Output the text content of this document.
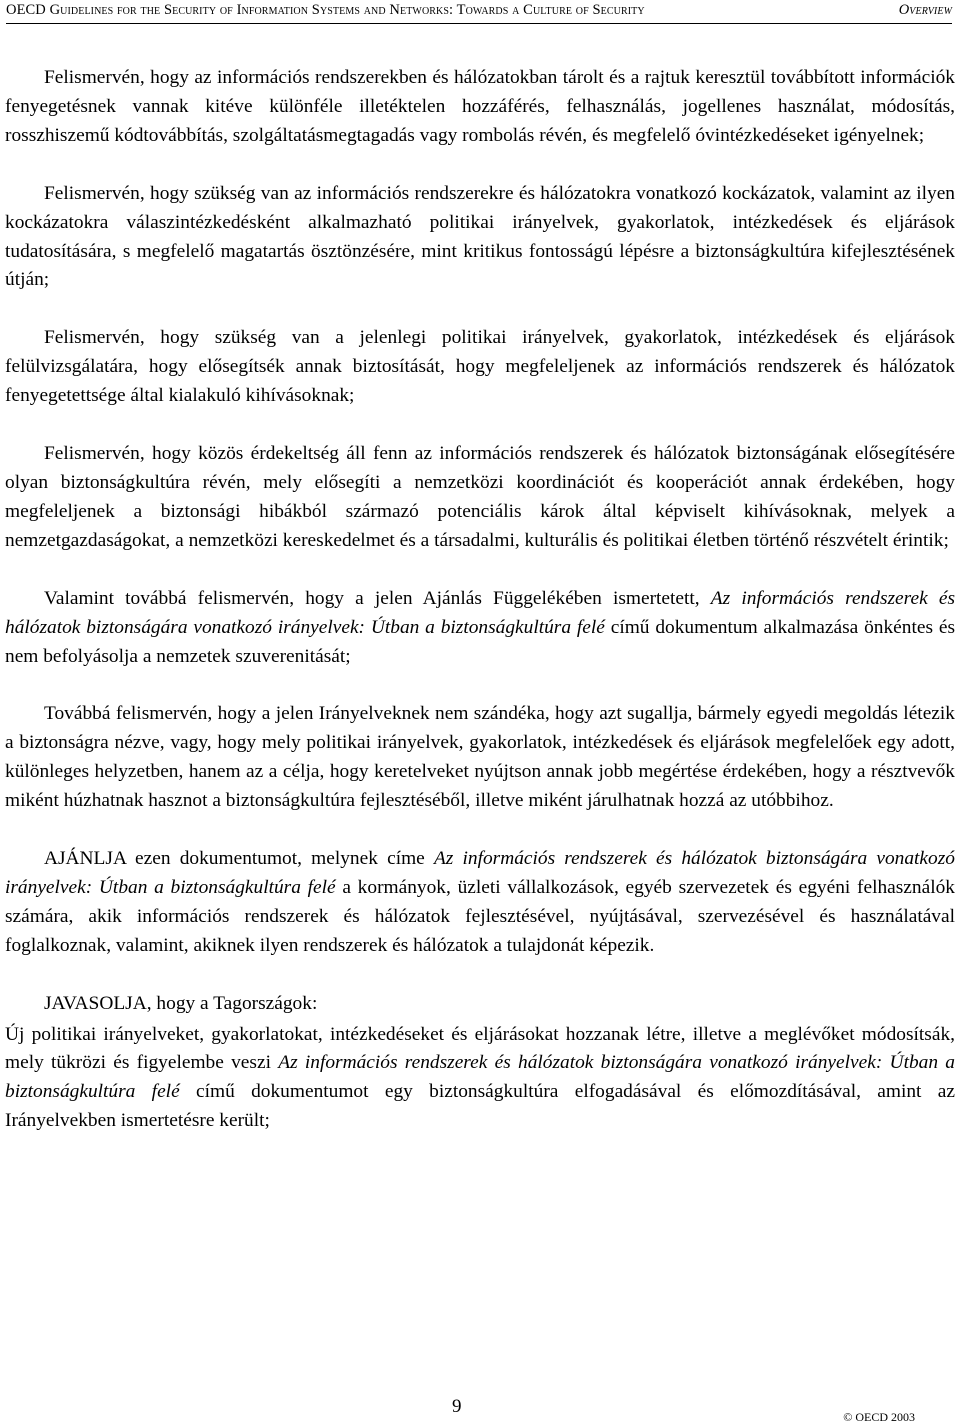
OECD Guidelines for the Security of Information Systems and Networks: Towards a Culture of Security	Overview

Felismervén, hogy az információs rendszerekben és hálózatokban tárolt és a rajtuk keresztül továbbított információk fenyegetésnek vannak kitéve különféle illetéktelen hozzáférés, felhasználás, jogellenes használat, módosítás, rosszhiszemű kódtovábbítás, szolgáltatásmegtagadás vagy rombolás révén, és megfelelő óvintézkedéseket igényelnek;

Felismervén, hogy szükség van az információs rendszerekre és hálózatokra vonatkozó kockázatok, valamint az ilyen kockázatokra válaszintézkedésként alkalmazható politikai irányelvek, gyakorlatok, intézkedések és eljárások tudatosítására, s megfelelő magatartás ösztönzésére, mint kritikus fontosságú lépésre a biztonságkultúra kifejlesztésének útján;

Felismervén, hogy szükség van a jelenlegi politikai irányelvek, gyakorlatok, intézkedések és eljárások felülvizsgálatára, hogy elősegítsék annak biztosítását, hogy megfeleljenek az információs rendszerek és hálózatok fenyegetettsége által kialakuló kihívásoknak;

Felismervén, hogy közös érdekeltség áll fenn az információs rendszerek és hálózatok biztonságának elősegítésére olyan biztonságkultúra révén, mely elősegíti a nemzetközi koordinációt és kooperációt annak érdekében, hogy megfeleljenek a biztonsági hibákból származó potenciális károk által képviselt kihívásoknak, melyek a nemzetgazdaságokat, a nemzetközi kereskedelmet és a társadalmi, kulturális és politikai életben történő részvételt érintik;

Valamint továbbá felismervén, hogy a jelen Ajánlás Függelékében ismertetett, Az információs rendszerek és hálózatok biztonságára vonatkozó irányelvek: Útban a biztonságkultúra felé című dokumentum alkalmazása önkéntes és nem befolyásolja a nemzetek szuverenitását;

Továbbá felismervén, hogy a jelen Irányelveknek nem szándéka, hogy azt sugallja, bármely egyedi megoldás létezik a biztonságra nézve, vagy, hogy mely politikai irányelvek, gyakorlatok, intézkedések és eljárások megfelelőek egy adott, különleges helyzetben, hanem az a célja, hogy keretelveket nyújtson annak jobb megértése érdekében, hogy a résztvevők miként húzhatnak hasznot a biztonságkultúra fejlesztéséből, illetve miként járulhatnak hozzá az utóbbihoz.

AJÁNLJA ezen dokumentumot, melynek címe Az információs rendszerek és hálózatok biztonságára vonatkozó irányelvek: Útban a biztonságkultúra felé a kormányok, üzleti vállalkozások, egyéb szervezetek és egyéni felhasználók számára, akik információs rendszerek és hálózatok fejlesztésével, nyújtásával, szervezésével és használatával foglalkoznak, valamint, akiknek ilyen rendszerek és hálózatok a tulajdonát képezik.

JAVASOLJA, hogy a Tagországok:

Új politikai irányelveket, gyakorlatokat, intézkedéseket és eljárásokat hozzanak létre, illetve a meglévőket módosítsák, mely tükrözi és figyelembe veszi Az információs rendszerek és hálózatok biztonságára vonatkozó irányelvek: Útban a biztonságkultúra felé című dokumentumot egy biztonságkultúra elfogadásával és előmozdításával, amint az Irányelvekben ismertetésre került;

9	© OECD 2003
